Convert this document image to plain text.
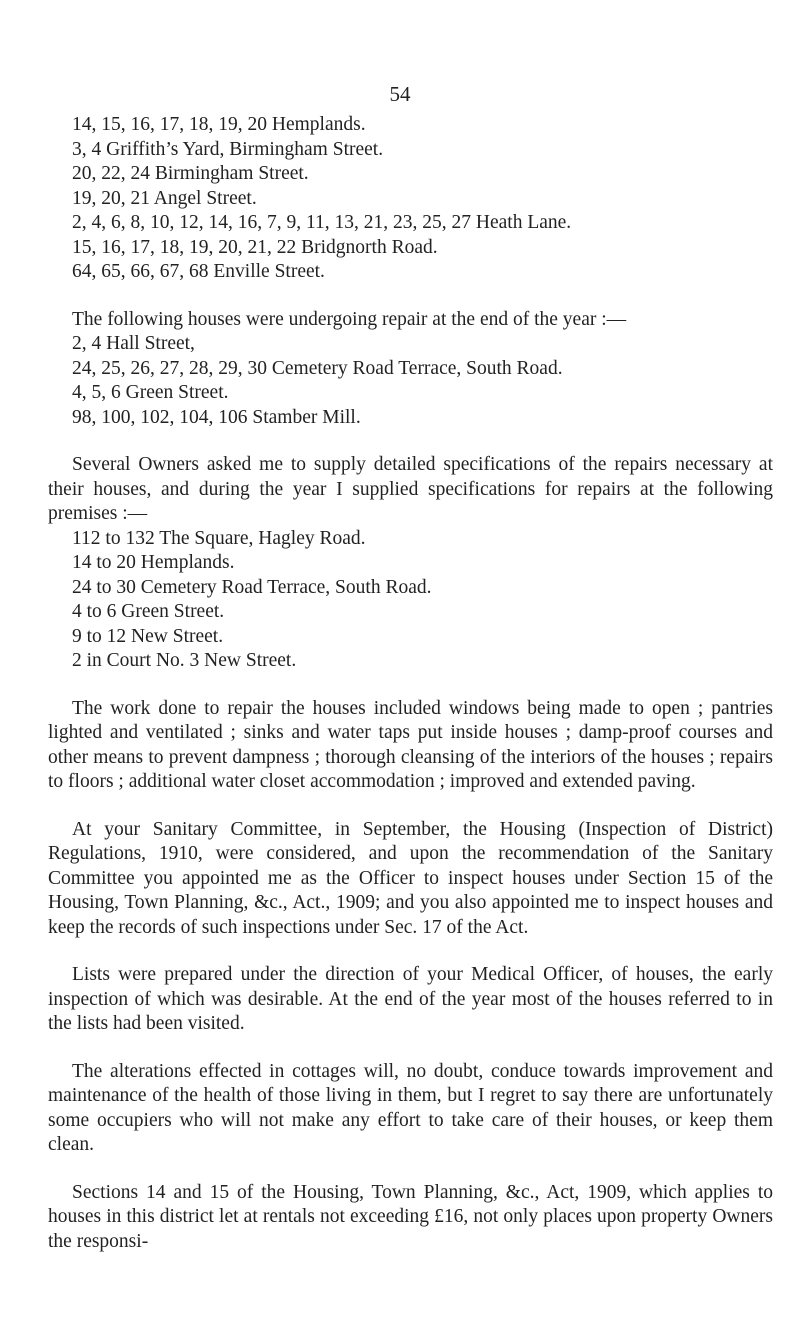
54
14, 15, 16, 17, 18, 19, 20 Hemplands.
3, 4 Griffith’s Yard, Birmingham Street.
20, 22, 24 Birmingham Street.
19, 20, 21 Angel Street.
2, 4, 6, 8, 10, 12, 14, 16, 7, 9, 11, 13, 21, 23, 25, 27 Heath Lane.
15, 16, 17, 18, 19, 20, 21, 22 Bridgnorth Road.
64, 65, 66, 67, 68 Enville Street.

The following houses were undergoing repair at the end of the year :—

2, 4 Hall Street,
24, 25, 26, 27, 28, 29, 30 Cemetery Road Terrace, South Road.
4, 5, 6 Green Street.
98, 100, 102, 104, 106 Stamber Mill.

Several Owners asked me to supply detailed specifications of the repairs necessary at their houses, and during the year I supplied specifications for repairs at the following premises :—

112 to 132 The Square, Hagley Road.
14 to 20 Hemplands.
24 to 30 Cemetery Road Terrace, South Road.
4 to 6 Green Street.
9 to 12 New Street.
2 in Court No. 3 New Street.

The work done to repair the houses included windows being made to open ; pantries lighted and ventilated ; sinks and water taps put inside houses ; damp-proof courses and other means to prevent dampness ; thorough cleansing of the interiors of the houses ; repairs to floors ; additional water closet accommodation ; improved and extended paving.

At your Sanitary Committee, in September, the Housing (Inspection of District) Regulations, 1910, were considered, and upon the recommendation of the Sanitary Committee you appointed me as the Officer to inspect houses under Section 15 of the Housing, Town Planning, &c., Act., 1909; and you also appointed me to inspect houses and keep the records of such inspections under Sec. 17 of the Act.

Lists were prepared under the direction of your Medical Officer, of houses, the early inspection of which was desirable. At the end of the year most of the houses referred to in the lists had been visited.

The alterations effected in cottages will, no doubt, conduce towards improvement and maintenance of the health of those living in them, but I regret to say there are unfortunately some occupiers who will not make any effort to take care of their houses, or keep them clean.

Sections 14 and 15 of the Housing, Town Planning, &c., Act, 1909, which applies to houses in this district let at rentals not exceeding £16, not only places upon property Owners the responsi-
